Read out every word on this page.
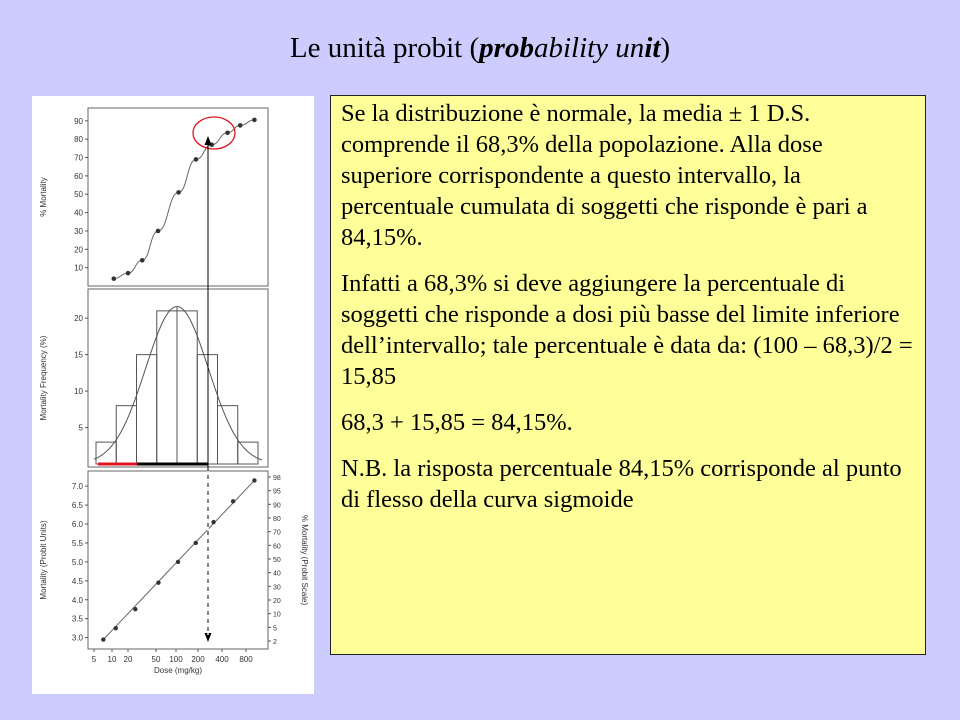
Le unità probit (probability unit)
10
20
30
40
50
60
70
80
90
% Mortality
5
10
15
20
Mortality Frequency (%)
3.0
3.5
4.0
4.5
5.0
5.5
6.0
6.5
7.0
Mortality (Probit Units)
2
5
10
20
30
40
50
60
70
80
90
95
98
% Mortality (Probit Scale)
5 10 20 50 100 200 400 800
Dose (mg/kg)

Se la distribuzione è normale, la media ± 1 D.S. comprende il 68,3% della popolazione. Alla dose superiore corrispondente a questo intervallo, la percentuale cumulata di soggetti che risponde è pari a 84,15%.

Infatti a 68,3% si deve aggiungere la percentuale di soggetti che risponde a dosi più basse del limite inferiore dell’intervallo; tale percentuale è data da: (100 – 68,3)/2 = 15,85

68,3 + 15,85 = 84,15%.

N.B. la risposta percentuale 84,15% corrisponde al punto di flesso della curva sigmoide
